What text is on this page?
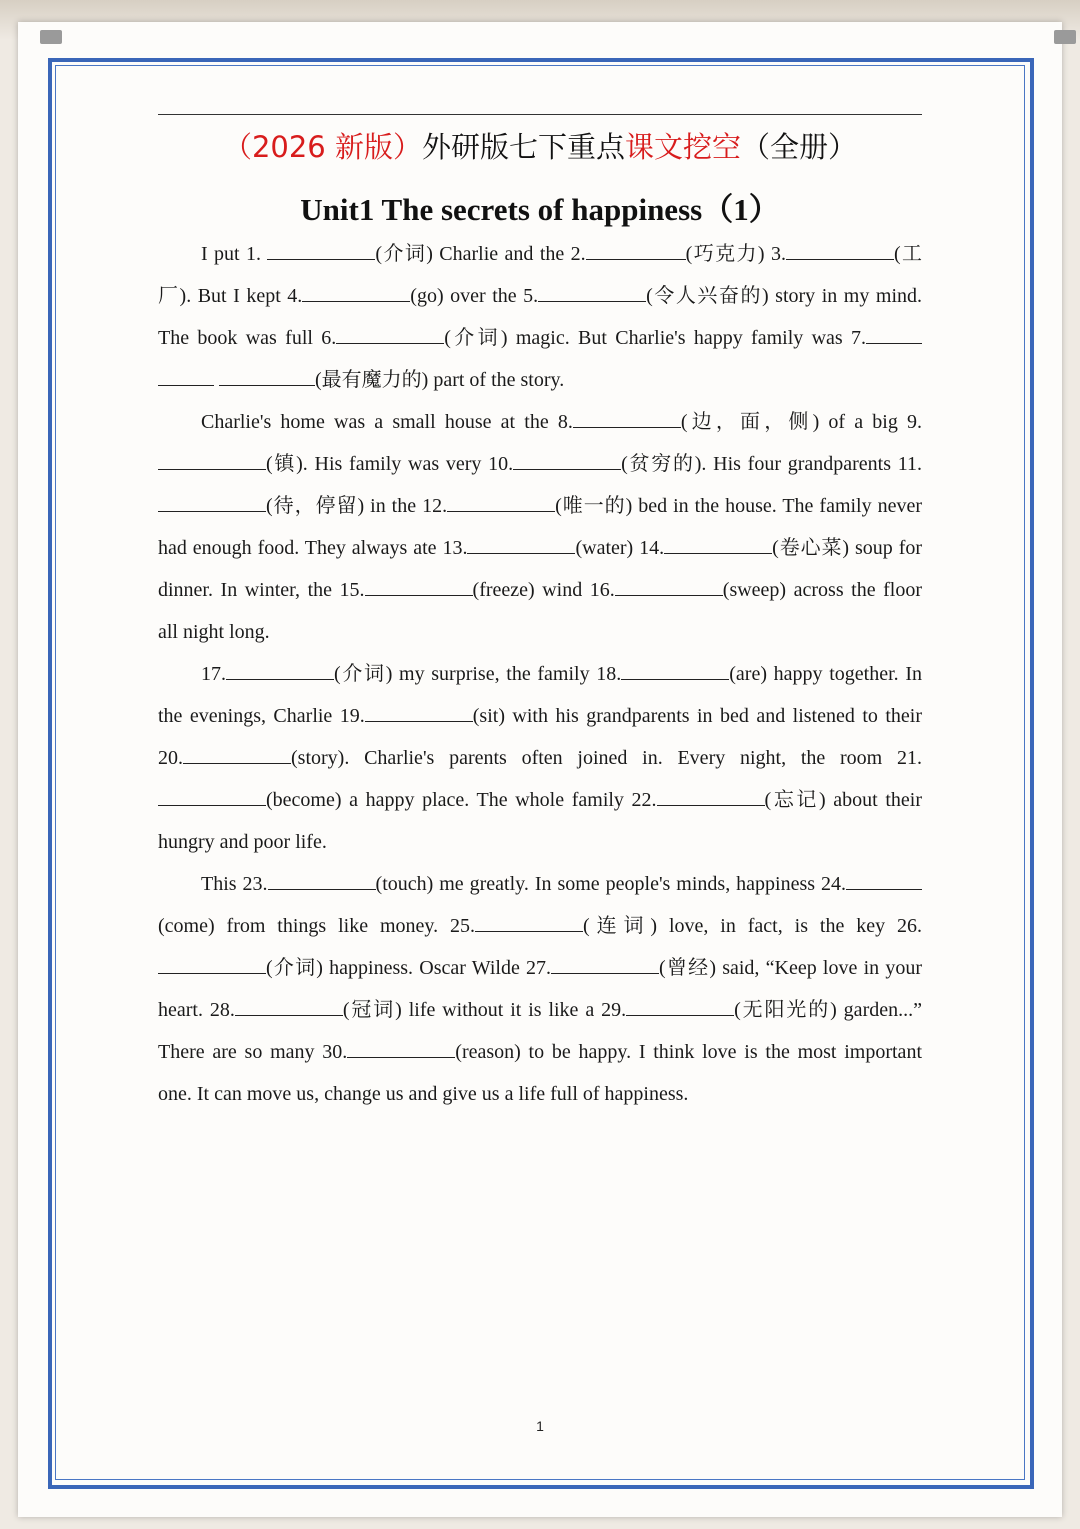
（2026 新版）外研版七下重点课文挖空（全册）
Unit1 The secrets of happiness（1）

I put 1.	(介词) Charlie and the 2.	(巧克力) 3.	(工厂). But I kept 4.	(go) over the 5.	(令人兴奋的) story in my mind. The book was full 6.	(介词) magic. But Charlie's happy family was 7.  (最有魔力的) part of the story.

Charlie's home was a small house at the 8.	(边，面，侧) of a big 9.(镇). His family was very 10.	(贫穷的). His four grandparents 11.(待，停留) in the 12.	(唯一的) bed in the house. The family never had enough food. They always ate 13.	(water) 14.	(卷心菜) soup for dinner. In winter, the 15.	(freeze) wind 16.	(sweep) across the floor all night long.

17.	(介词) my surprise, the family 18.	(are) happy together. In the evenings, Charlie 19.	(sit) with his grandparents in bed and listened to their 20.	(story). Charlie's parents often joined in. Every night, the room 21.(become) a happy place. The whole family 22.	(忘记) about their hungry and poor life.

This 23.	(touch) me greatly. In some people's minds, happiness 24.(come) from things like money. 25.	(连词) love, in fact, is the key 26.(介词) happiness. Oscar Wilde 27.	(曾经) said, “Keep love in your heart. 28.	(冠词) life without it is like a 29.	(无阳光的) garden...” There are so many 30.	(reason) to be happy. I think love is the most important one. It can move us, change us and give us a life full of happiness.

1
